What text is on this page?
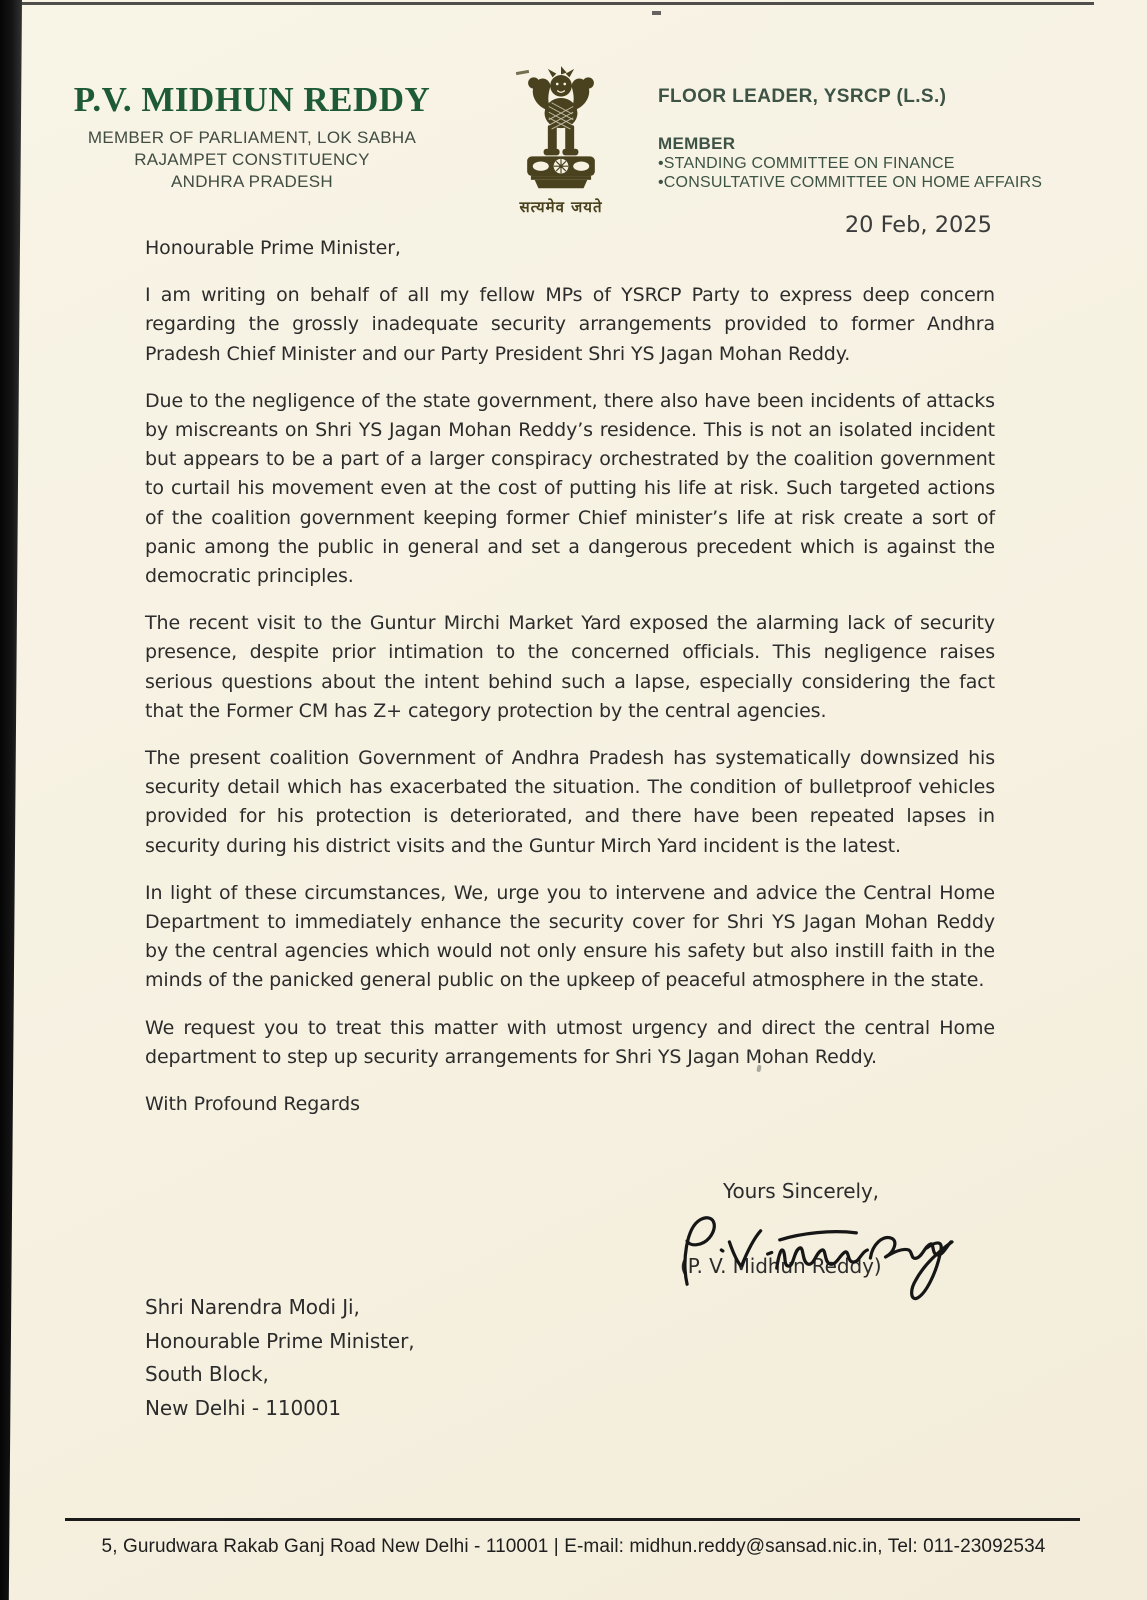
P.V. MIDHUN REDDY
MEMBER OF PARLIAMENT, LOK SABHA
RAJAMPET CONSTITUENCY
ANDHRA PRADESH
सत्यमेव जयते
FLOOR LEADER, YSRCP (L.S.)
MEMBER
•STANDING COMMITTEE ON FINANCE
•CONSULTATIVE COMMITTEE ON HOME AFFAIRS
20 Feb, 2025

Honourable Prime Minister,

I am writing on behalf of all my fellow MPs of YSRCP Party to express deep concern regarding the grossly inadequate security arrangements provided to former Andhra Pradesh Chief Minister and our Party President Shri YS Jagan Mohan Reddy.

Due to the negligence of the state government, there also have been incidents of attacks by miscreants on Shri YS Jagan Mohan Reddy’s residence. This is not an isolated incident but appears to be a part of a larger conspiracy orchestrated by the coalition government to curtail his movement even at the cost of putting his life at risk. Such targeted actions of the coalition government keeping former Chief minister’s life at risk create a sort of panic among the public in general and set a dangerous precedent which is against the democratic principles.

The recent visit to the Guntur Mirchi Market Yard exposed the alarming lack of security presence, despite prior intimation to the concerned officials. This negligence raises serious questions about the intent behind such a lapse, especially considering the fact that the Former CM has Z+ category protection by the central agencies.

The present coalition Government of Andhra Pradesh has systematically downsized his security detail which has exacerbated the situation. The condition of bulletproof vehicles provided for his protection is deteriorated, and there have been repeated lapses in security during his district visits and the Guntur Mirch Yard incident is the latest.

In light of these circumstances, We, urge you to intervene and advice the Central Home Department to immediately enhance the security cover for Shri YS Jagan Mohan Reddy by the central agencies which would not only ensure his safety but also instill faith in the minds of the panicked general public on the upkeep of peaceful atmosphere in the state.

We request you to treat this matter with utmost urgency and direct the central Home department to step up security arrangements for Shri YS Jagan Mohan Reddy.

With Profound Regards

Yours Sincerely,
(P. V. Midhun Reddy)
Shri Narendra Modi Ji,
Honourable Prime Minister,
South Block,
New Delhi - 110001
5, Gurudwara Rakab Ganj Road New Delhi - 110001 | E-mail: midhun.reddy@sansad.nic.in, Tel: 011-23092534
